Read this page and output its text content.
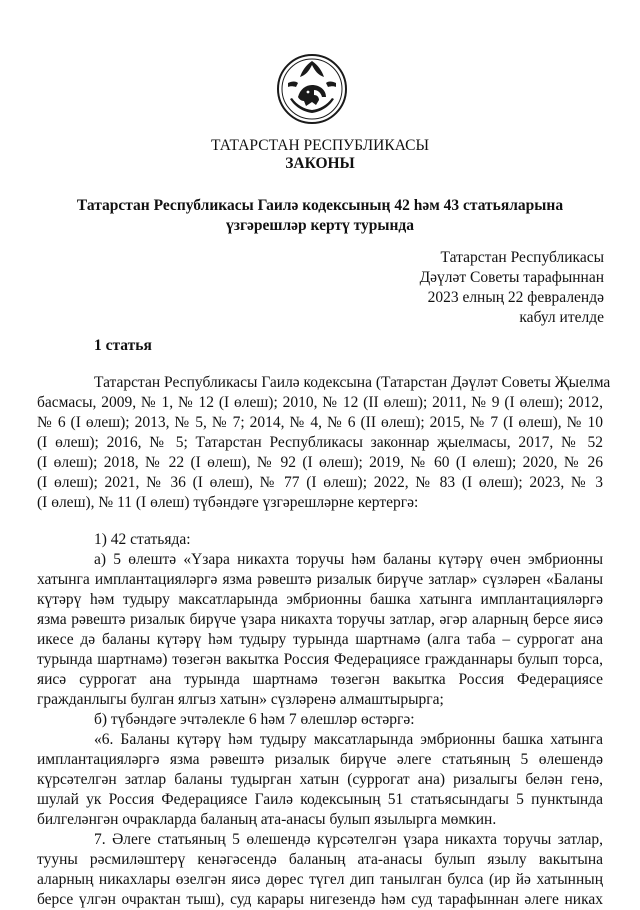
ТАТАРСТАН РЕСПУБЛИКАСЫ
ЗАКОНЫ
Татарстан Республикасы Гаилә кодексының 42 һәм 43 статьяларына
үзгәрешләр кертү турында
Татарстан Республикасы
Дәүләт Советы тарафыннан
2023 елның 22 февралендә
кабул ителде
1 статья
Татарстан Республикасы Гаилә кодексына (Татарстан Дәүләт Советы Җыелма
басмасы, 2009, № 1, № 12 (I өлеш); 2010, № 12 (II өлеш); 2011, № 9 (I өлеш); 2012,
№ 6 (I өлеш); 2013, № 5, № 7; 2014, № 4, № 6 (II өлеш); 2015, № 7 (I өлеш), № 10
(I өлеш); 2016, № 5; Татарстан Республикасы законнар җыелмасы, 2017, № 52
(I өлеш); 2018, № 22 (I өлеш), № 92 (I өлеш); 2019, № 60 (I өлеш); 2020, № 26
(I өлеш); 2021, № 36 (I өлеш), № 77 (I өлеш); 2022, № 83 (I өлеш); 2023, № 3
(I өлеш), № 11 (I өлеш) түбәндәге үзгәрешләрне кертергә:
1) 42 статьяда:
а) 5 өлештә «Үзара никахта торучы һәм баланы күтәрү өчен эмбрионны
хатынга имплантацияләргә язма рәвештә ризалык бирүче затлар» сүзләрен «Баланы
күтәрү һәм тудыру максатларында эмбрионны башка хатынга имплантацияләргә
язма рәвештә ризалык бирүче үзара никахта торучы затлар, әгәр аларның берсе яисә
икесе дә баланы күтәрү һәм тудыру турында шартнамә (алга таба – суррогат ана
турында шартнамә) төзегән вакытка Россия Федерациясе гражданнары булып торса,
яисә суррогат ана турында шартнамә төзегән вакытка Россия Федерациясе
гражданлыгы булган ялгыз хатын» сүзләренә алмаштырырга;
б) түбәндәге эчтәлекле 6 һәм 7 өлешләр өстәргә:
«6. Баланы күтәрү һәм тудыру максатларында эмбрионны башка хатынга
имплантацияләргә язма рәвештә ризалык бирүче әлеге статьяның 5 өлешендә
күрсәтелгән затлар баланы тудырган хатын (суррогат ана) ризалыгы белән генә,
шулай ук Россия Федерациясе Гаилә кодексының 51 статьясындагы 5 пунктында
билгеләнгән очракларда баланың ата-анасы булып язылырга мөмкин.
7. Әлеге статьяның 5 өлешендә күрсәтелгән үзара никахта торучы затлар,
тууны рәсмиләштерү кенәгәсендә баланың ата-анасы булып язылу вакытына
аларның никахлары өзелгән яисә дөрес түгел дип танылган булса (ир йә хатынның
берсе үлгән очрактан тыш), суд карары нигезендә һәм суд тарафыннан әлеге никах
